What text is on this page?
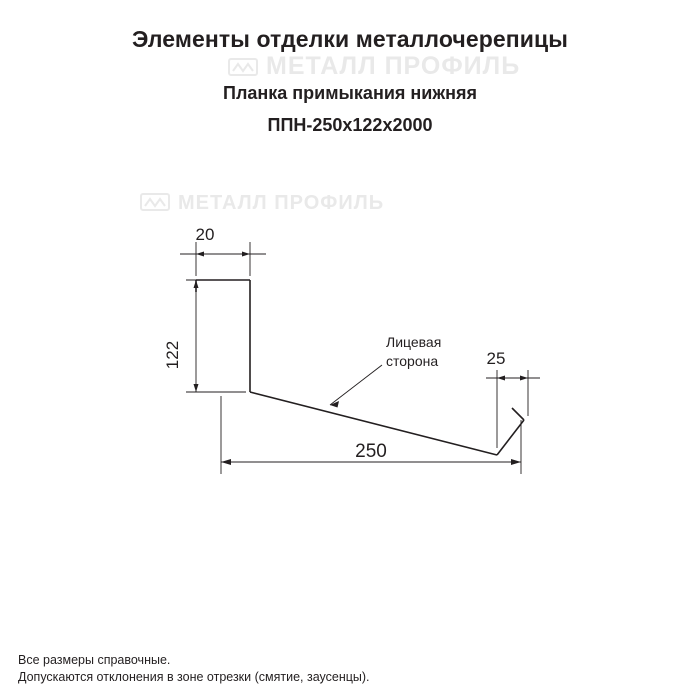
Элементы отделки металлочерепицы

Планка примыкания нижняя

ППН-250x122x2000

МЕТАЛЛ ПРОФИЛЬ
МЕТАЛЛ ПРОФИЛЬ
20
122	25
250
Лицевая
сторона
Все размеры справочные.
Допускаются отклонения в зоне отрезки (смятие, заусенцы).
